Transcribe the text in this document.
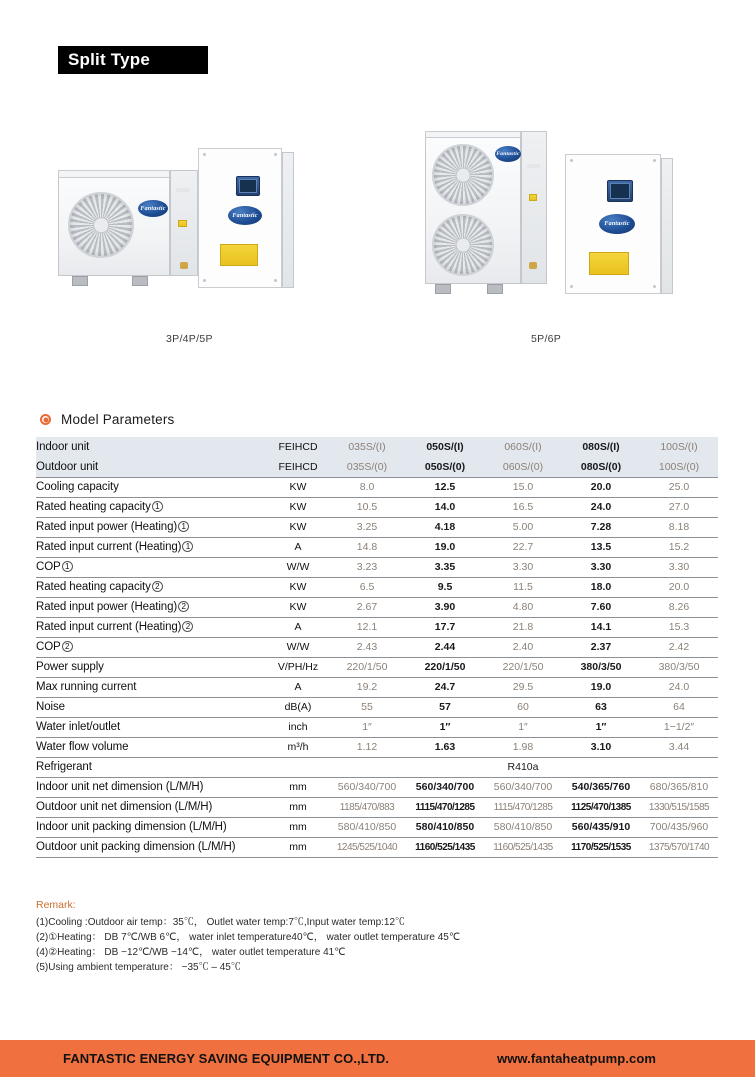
Split Type
Fantastic
Fantastic
Fantastic
Fantastic
3P/4P/5P	5P/6P
Model Parameters
Indoor unit	FEIHCD	035S/(I)	050S/(I)	060S/(I)	080S/(I)	100S/(I)
Outdoor unit	FEIHCD	035S/(0)	050S/(0)	060S/(0)	080S/(0)	100S/(0)
Cooling capacity	KW	8.0	12.5	15.0	20.0	25.0
Rated heating capacity 1	KW	10.5	14.0	16.5	24.0	27.0
Rated input power (Heating) 1	KW	3.25	4.18	5.00	7.28	8.18
Rated input current (Heating) 1	A	14.8	19.0	22.7	13.5	15.2
COP 1	W/W	3.23	3.35	3.30	3.30	3.30
Rated heating capacity 2	KW	6.5	9.5	11.5	18.0	20.0
Rated input power (Heating) 2	KW	2.67	3.90	4.80	7.60	8.26
Rated input current (Heating) 2	A	12.1	17.7	21.8	14.1	15.3
COP 2	W/W	2.43	2.44	2.40	2.37	2.42
Power supply	V/PH/Hz	220/1/50	220/1/50	220/1/50	380/3/50	380/3/50
Max running current	A	19.2	24.7	29.5	19.0	24.0
Noise	dB(A)	55	57	60	63	64
Water inlet/outlet	inch	1″	1″	1″	1″	1−1/2″
Water flow volume	m³/h	1.12	1.63	1.98	3.10	3.44
Refrigerant		R410a				
Indoor unit net dimension (L/M/H)	mm	560/340/700	560/340/700	560/340/700	540/365/760	680/365/810
Outdoor unit net dimension (L/M/H)	mm	1185/470/883	1115/470/1285	1115/470/1285	1125/470/1385	1330/515/1585
Indoor unit packing dimension (L/M/H)	mm	580/410/850	580/410/850	580/410/850	560/435/910	700/435/960
Outdoor unit packing dimension (L/M/H)	mm	1245/525/1040	1160/525/1435	1160/525/1435	1170/525/1535	1375/570/1740
Remark:
(1)Cooling :Outdoor air temp：35℃， Outlet water temp:7℃,Input water temp:12℃
(2)①Heating： DB 7℃/WB 6℃， water inlet temperature40℃， water outlet temperature 45℃
(4)②Heating： DB −12℃/WB −14℃， water outlet temperature 41℃
(5)Using ambient temperature： −35℃ – 45℃
FANTASTIC ENERGY SAVING EQUIPMENT CO.,LTD.	www.fantaheatpump.com
